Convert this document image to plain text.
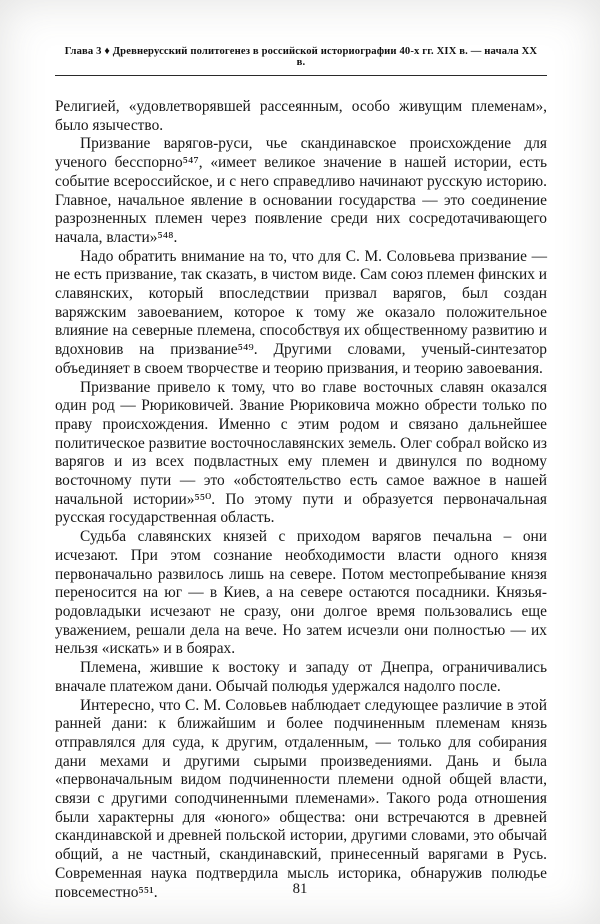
Глава 3 ♦ Древнерусский политогенез в российской историографии 40-х гг. XIX в. — начала XX в.

Религией, «удовлетворявшей рассеянным, особо живущим племенам», было язычество.

Призвание варягов-руси, чье скандинавское происхождение для ученого бесспорно⁵⁴⁷, «имеет великое значение в нашей истории, есть событие всероссийское, и с него справедливо начинают русскую историю. Главное, начальное явление в основании государства — это соединение разрозненных племен через появление среди них сосредотачивающего начала, власти»⁵⁴⁸.

Надо обратить внимание на то, что для С. М. Соловьева призвание — не есть призвание, так сказать, в чистом виде. Сам союз племен финских и славянских, который впоследствии призвал варягов, был создан варяжским завоеванием, которое к тому же оказало положительное влияние на северные племена, способствуя их общественному развитию и вдохновив на призвание⁵⁴⁹. Другими словами, ученый-синтезатор объединяет в своем творчестве и теорию призвания, и теорию завоевания.

Призвание привело к тому, что во главе восточных славян оказался один род — Рюриковичей. Звание Рюриковича можно обрести только по праву происхождения. Именно с этим родом и связано дальнейшее политическое развитие восточнославянских земель. Олег собрал войско из варягов и из всех подвластных ему племен и двинулся по водному восточному пути — это «обстоятельство есть самое важное в нашей начальной истории»⁵⁵⁰. По этому пути и образуется первоначальная русская государственная область.

Судьба славянских князей с приходом варягов печальна – они исчезают. При этом сознание необходимости власти одного князя первоначально развилось лишь на севере. Потом местопребывание князя переносится на юг — в Киев, а на севере остаются посадники. Князья-родовладыки исчезают не сразу, они долгое время пользовались еще уважением, решали дела на вече. Но затем исчезли они полностью — их нельзя «искать» и в боярах.

Племена, жившие к востоку и западу от Днепра, ограничивались вначале платежом дани. Обычай полюдья удержался надолго после.

Интересно, что С. М. Соловьев наблюдает следующее различие в этой ранней дани: к ближайшим и более подчиненным племенам князь отправлялся для суда, к другим, отдаленным, — только для собирания дани мехами и другими сырыми произведениями. Дань и была «первоначальным видом подчиненности племени одной общей власти, связи с другими соподчиненными племенами». Такого рода отношения были характерны для «юного» общества: они встречаются в древней скандинавской и древней польской истории, другими словами, это обычай общий, а не частный, скандинавский, принесенный варягами в Русь. Современная наука подтвердила мысль историка, обнаружив полюдье повсеместно⁵⁵¹.	81
